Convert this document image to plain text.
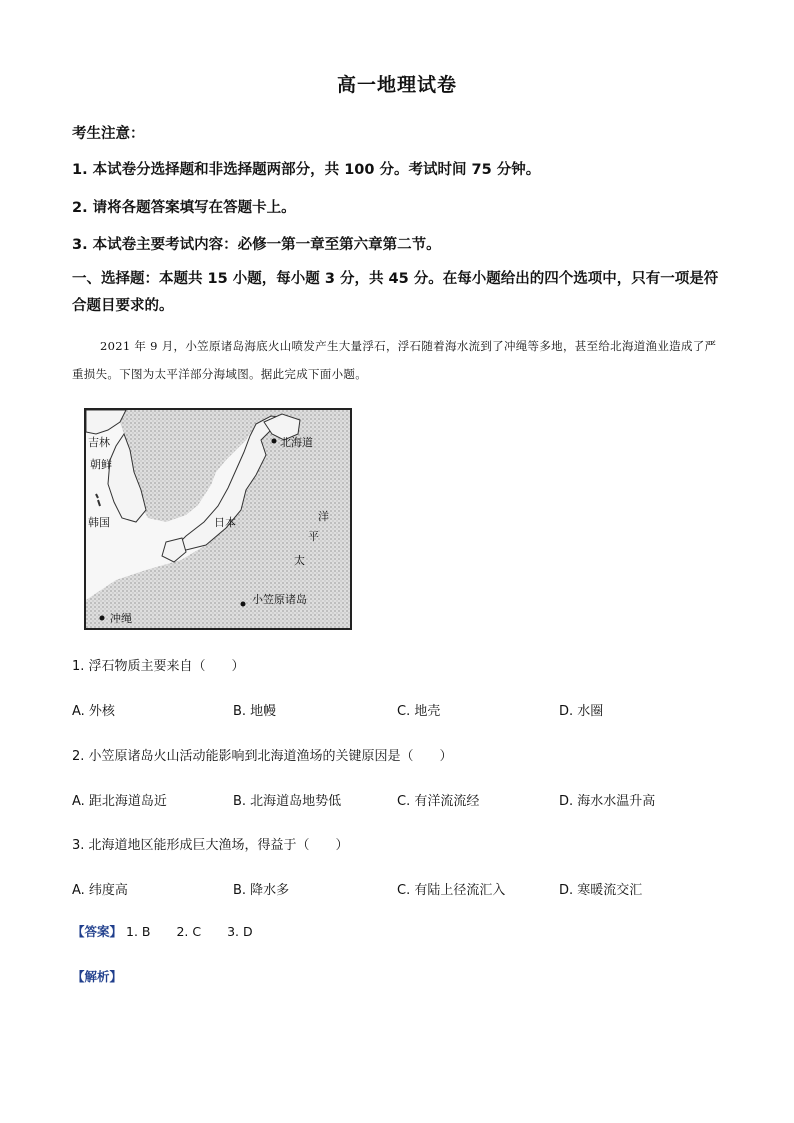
高一地理试卷
考生注意：
1. 本试卷分选择题和非选择题两部分，共 100 分。考试时间 75 分钟。
2. 请将各题答案填写在答题卡上。
3. 本试卷主要考试内容：必修一第一章至第六章第二节。
一、选择题：本题共 15 小题，每小题 3 分，共 45 分。在每小题给出的四个选项中，只有一项是符合题目要求的。
2021 年 9 月，小笠原诸岛海底火山喷发产生大量浮石，浮石随着海水流到了冲绳等多地，甚至给北海道渔业造成了严重损失。下图为太平洋部分海域图。据此完成下面小题。
吉林
朝鲜
韩国	日本
北海道
洋
平
太
小笠原诸岛
冲绳
1. 浮石物质主要来自（　　）
A. 外核	B. 地幔	C. 地壳	D. 水圈
2. 小笠原诸岛火山活动能影响到北海道渔场的关键原因是（　　）
A. 距北海道岛近	B. 北海道岛地势低	C. 有洋流流经	D. 海水水温升高
3. 北海道地区能形成巨大渔场，得益于（　　）
A. 纬度高	B. 降水多	C. 有陆上径流汇入	D. 寒暖流交汇
【答案】 1. B 2. C 3. D
【解析】
